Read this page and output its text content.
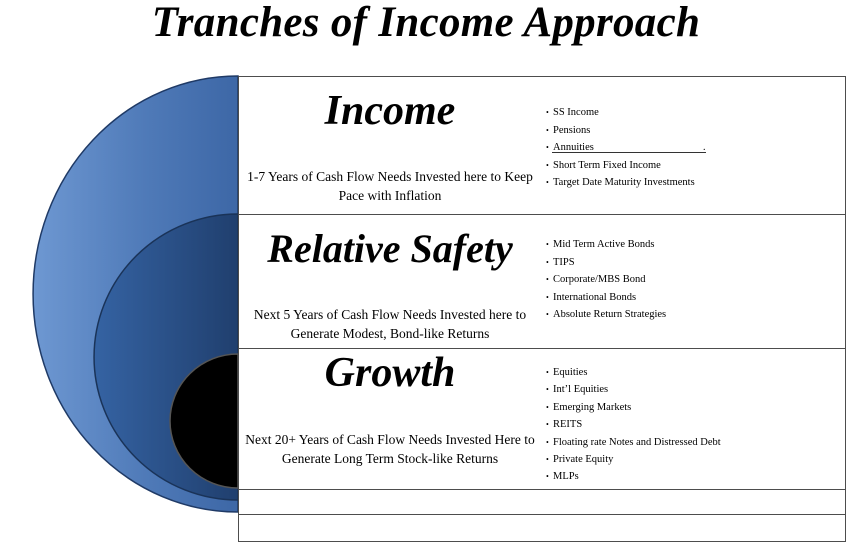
Tranches of Income Approach
Income
1-7 Years of Cash Flow Needs Invested here to Keep Pace with Inflation
• SS Income
• Pensions
• Annuities
• Short Term Fixed Income
• Target Date Maturity Investments
.
Relative Safety
Next 5 Years of Cash Flow Needs Invested here to Generate Modest, Bond-like Returns
• Mid Term Active Bonds
• TIPS
• Corporate/MBS Bond
• International Bonds
• Absolute Return Strategies
Growth
Next 20+ Years of Cash Flow Needs Invested Here to Generate Long Term Stock-like Returns
• Equities
• Int’l Equities
• Emerging Markets
• REITS
• Floating rate Notes and Distressed Debt
• Private Equity
• MLPs
